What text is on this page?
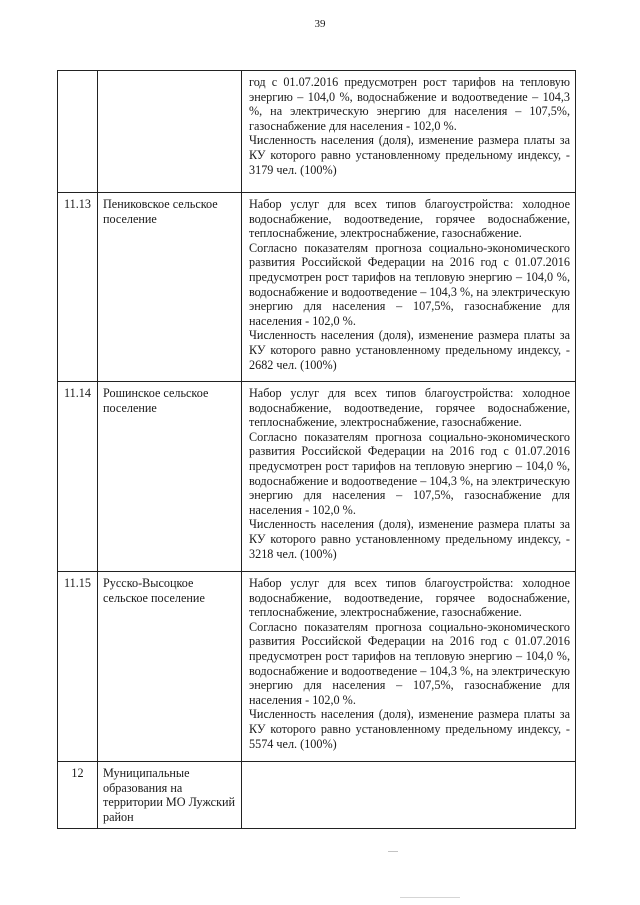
39

		год с 01.07.2016 предусмотрен рост тарифов на тепловую энергию – 104,0 %, водоснабжение и водоотведение – 104,3 %, на электрическую энергию для населения – 107,5%, газоснабжение для населения - 102,0 %.

Численность населения (доля), изменение размера платы за КУ которого равно установленному предельному индексу, - 3179 чел. (100%)

11.13	Пениковское сельское поселение	Набор услуг для всех типов благоустройства: холодное водоснабжение, водоотведение, горячее водоснабжение, теплоснабжение, электроснабжение, газоснабжение.

Согласно показателям прогноза социально-экономического развития Российской Федерации на 2016 год с 01.07.2016 предусмотрен рост тарифов на тепловую энергию – 104,0 %, водоснабжение и водоотведение – 104,3 %, на электрическую энергию для населения – 107,5%, газоснабжение для населения - 102,0 %.

Численность населения (доля), изменение размера платы за КУ которого равно установленному предельному индексу, - 2682 чел. (100%)

11.14	Рошинское сельское поселение	Набор услуг для всех типов благоустройства: холодное водоснабжение, водоотведение, горячее водоснабжение, теплоснабжение, электроснабжение, газоснабжение.

Согласно показателям прогноза социально-экономического развития Российской Федерации на 2016 год с 01.07.2016 предусмотрен рост тарифов на тепловую энергию – 104,0 %, водоснабжение и водоотведение – 104,3 %, на электрическую энергию для населения – 107,5%, газоснабжение для населения - 102,0 %.

Численность населения (доля), изменение размера платы за КУ которого равно установленному предельному индексу, - 3218 чел. (100%)

11.15	Русско-Высоцкое сельское поселение	Набор услуг для всех типов благоустройства: холодное водоснабжение, водоотведение, горячее водоснабжение, теплоснабжение, электроснабжение, газоснабжение.

Согласно показателям прогноза социально-экономического развития Российской Федерации на 2016 год с 01.07.2016 предусмотрен рост тарифов на тепловую энергию – 104,0 %, водоснабжение и водоотведение – 104,3 %, на электрическую энергию для населения – 107,5%, газоснабжение для населения - 102,0 %.

Численность населения (доля), изменение размера платы за КУ которого равно установленному предельному индексу, - 5574 чел. (100%)

12	Муниципальные образования на территории МО Лужский район	
